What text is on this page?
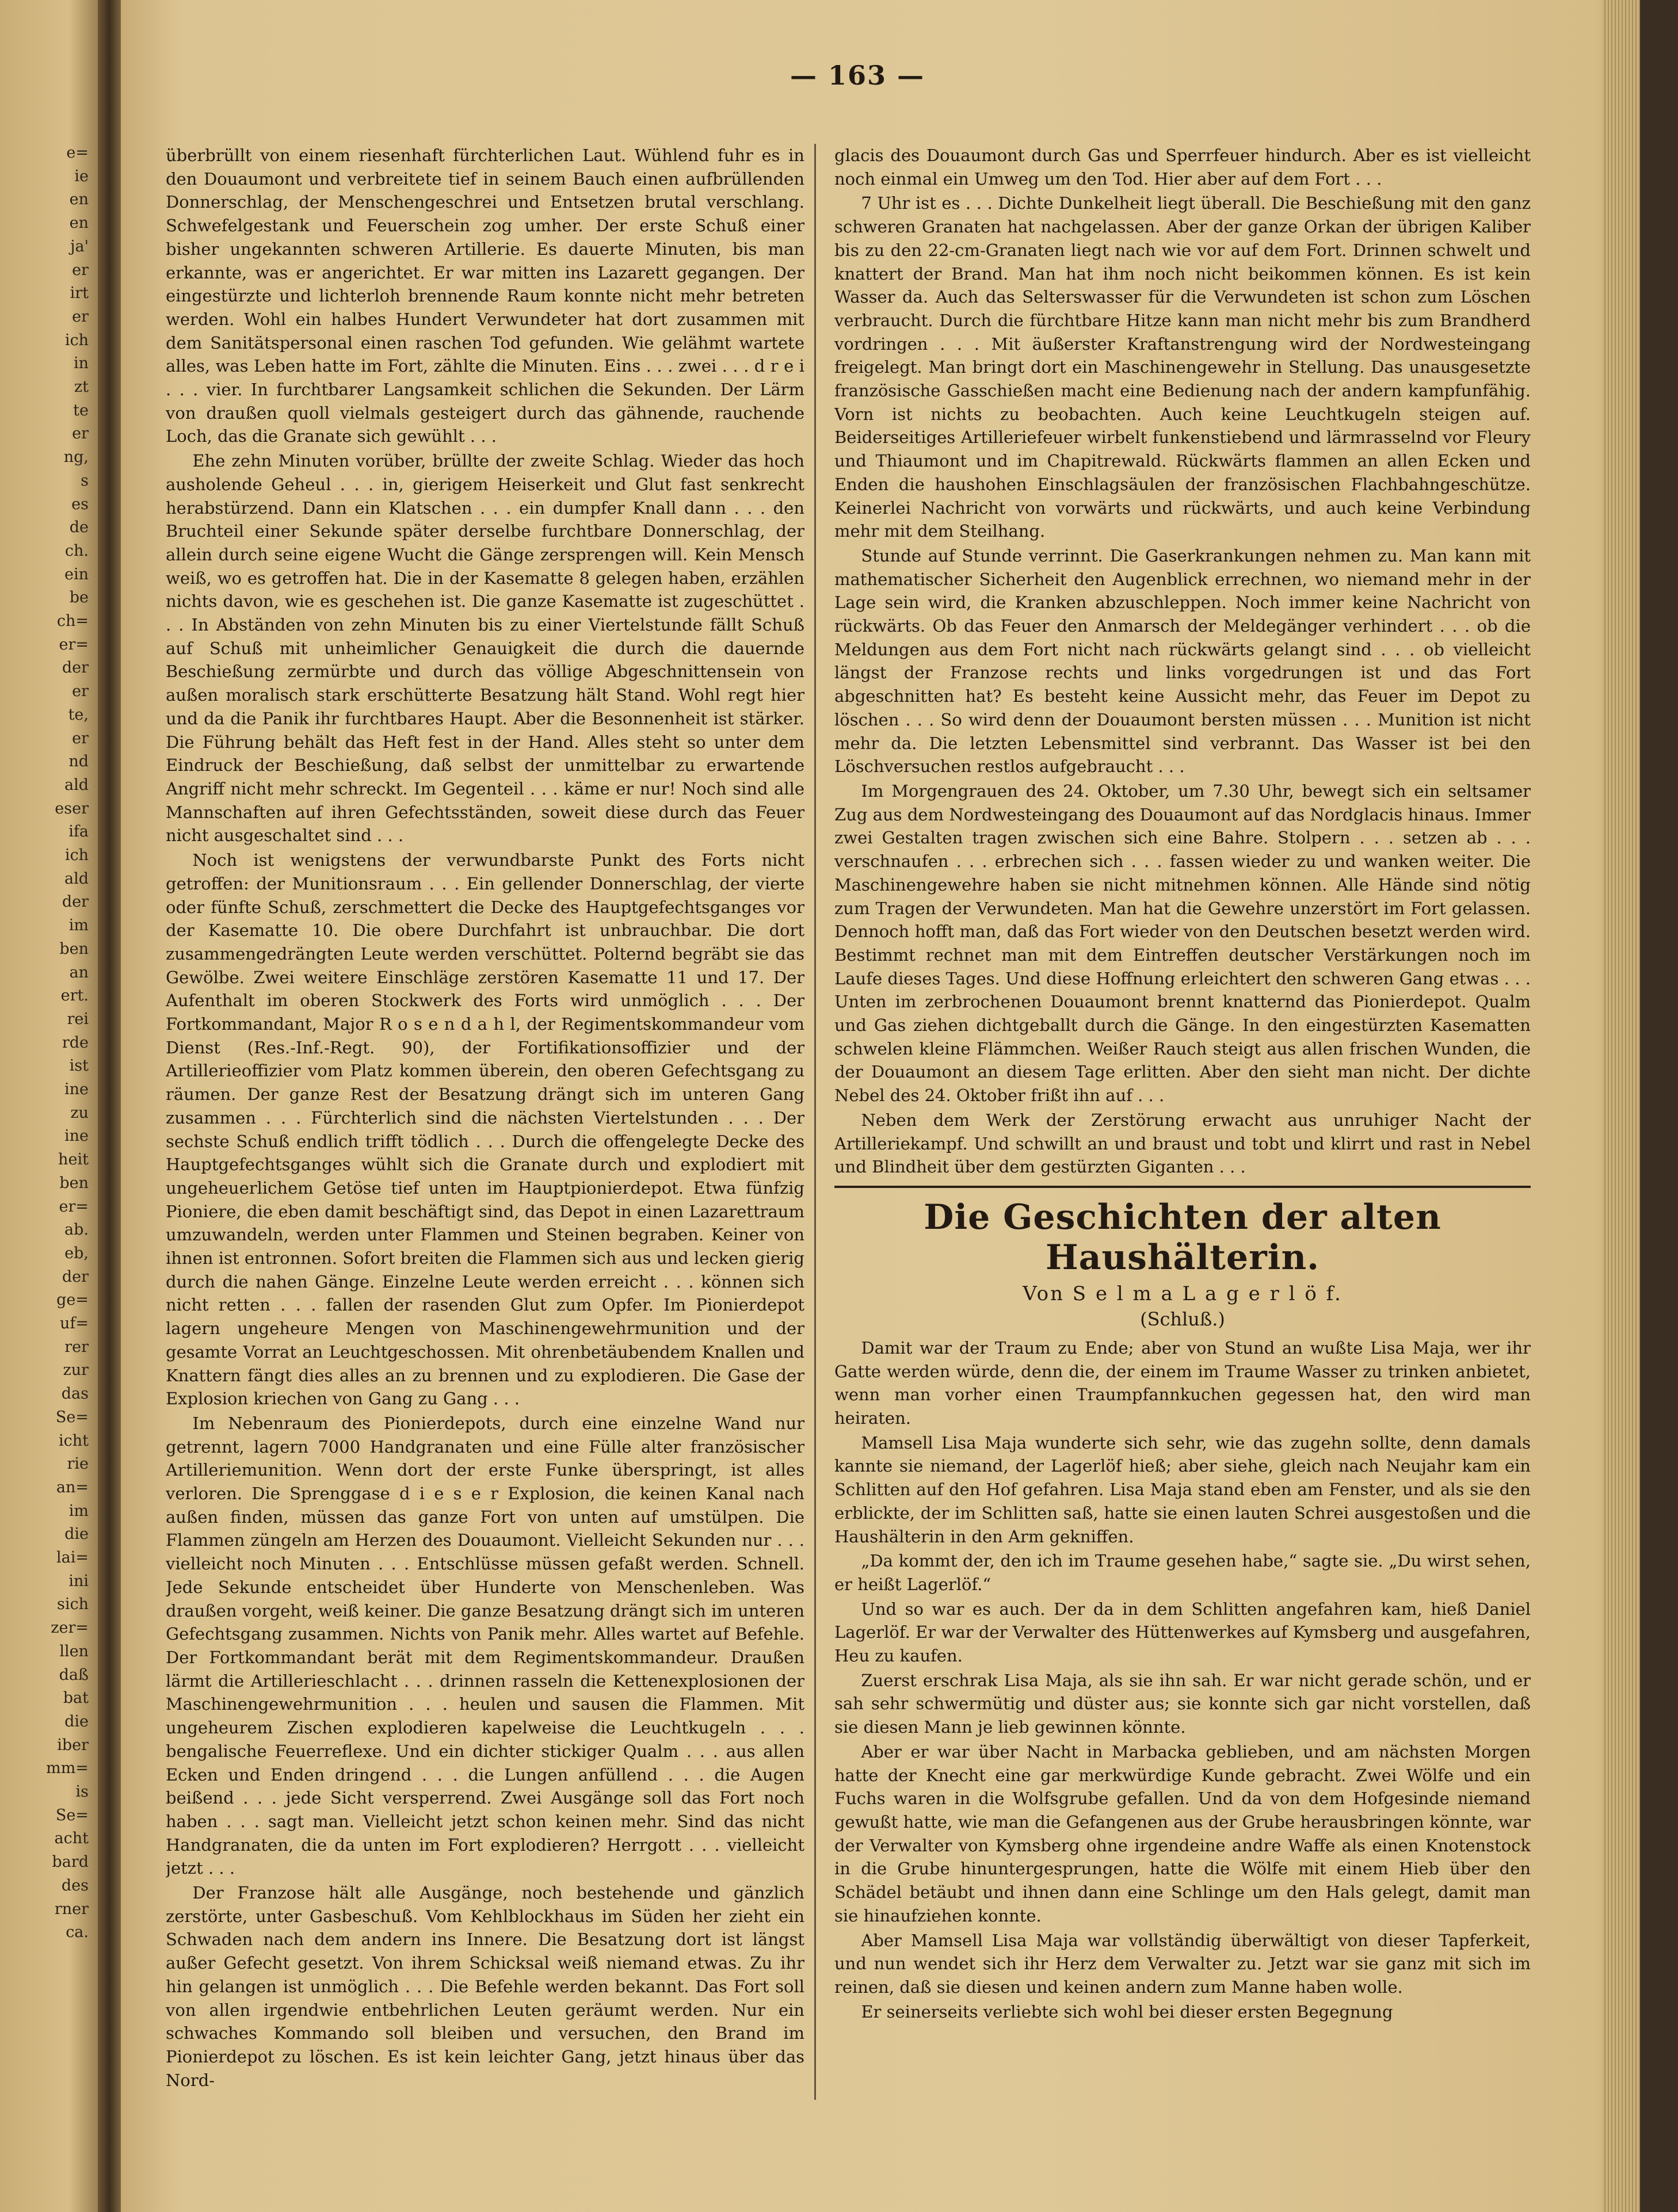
e=
ie
en
en
ja'
er
irt
er
ich
in
zt
te
er
ng,
s
es
de
ch.
ein
be
ch=
er=
der
er
te,
er
nd
ald
eser
ifa
ich
ald
der
im
ben
an
ert.
rei
rde
ist
ine
zu
ine
heit
ben
er=
ab.
eb,
der
ge=
uf=
rer
zur
das
Se=
icht
rie
an=
im
die
lai=
ini
sich
zer=
llen
daß
bat
die
iber
mm=
is
Se=
acht
bard
des
rner
ca.
— 163 —

überbrüllt von einem riesenhaft fürchterlichen Laut. Wühlend fuhr es in den Douaumont und verbreitete tief in seinem Bauch einen aufbrüllenden Donnerschlag, der Menschengeschrei und Entsetzen brutal verschlang. Schwefelgestank und Feuerschein zog umher. Der erste Schuß einer bisher ungekannten schweren Artillerie. Es dauerte Minuten, bis man erkannte, was er angerichtet. Er war mitten ins Lazarett gegangen. Der eingestürzte und lichterloh brennende Raum konnte nicht mehr betreten werden. Wohl ein halbes Hundert Verwundeter hat dort zusammen mit dem Sanitätspersonal einen raschen Tod gefunden. Wie gelähmt wartete alles, was Leben hatte im Fort, zählte die Minuten. Eins . . . zwei . . . d r e i . . . vier. In furchtbarer Langsamkeit schlichen die Sekunden. Der Lärm von draußen quoll vielmals gesteigert durch das gähnende, rauchende Loch, das die Granate sich gewühlt . . .

Ehe zehn Minuten vorüber, brüllte der zweite Schlag. Wieder das hoch ausholende Geheul . . . in, gierigem Heiserkeit und Glut fast senkrecht herabstürzend. Dann ein Klatschen . . . ein dumpfer Knall dann . . . den Bruchteil einer Sekunde später derselbe furchtbare Donnerschlag, der allein durch seine eigene Wucht die Gänge zersprengen will. Kein Mensch weiß, wo es getroffen hat. Die in der Kasematte 8 gelegen haben, erzählen nichts davon, wie es geschehen ist. Die ganze Kasematte ist zugeschüttet . . . In Abständen von zehn Minuten bis zu einer Viertelstunde fällt Schuß auf Schuß mit unheimlicher Genauigkeit die durch die dauernde Beschießung zermürbte und durch das völlige Abgeschnittensein von außen moralisch stark erschütterte Besatzung hält Stand. Wohl regt hier und da die Panik ihr furchtbares Haupt. Aber die Besonnenheit ist stärker. Die Führung behält das Heft fest in der Hand. Alles steht so unter dem Eindruck der Beschießung, daß selbst der unmittelbar zu erwartende Angriff nicht mehr schreckt. Im Gegenteil . . . käme er nur! Noch sind alle Mannschaften auf ihren Gefechtsständen, soweit diese durch das Feuer nicht ausgeschaltet sind . . .

Noch ist wenigstens der verwundbarste Punkt des Forts nicht getroffen: der Munitionsraum . . . Ein gellender Donnerschlag, der vierte oder fünfte Schuß, zerschmettert die Decke des Hauptgefechtsganges vor der Kasematte 10. Die obere Durchfahrt ist unbrauchbar. Die dort zusammengedrängten Leute werden verschüttet. Polternd begräbt sie das Gewölbe. Zwei weitere Einschläge zerstören Kasematte 11 und 17. Der Aufenthalt im oberen Stockwerk des Forts wird unmöglich . . . Der Fortkommandant, Major R o s e n d a h l, der Regimentskommandeur vom Dienst (Res.-Inf.-Regt. 90), der Fortifikationsoffizier und der Artillerieoffizier vom Platz kommen überein, den oberen Gefechtsgang zu räumen. Der ganze Rest der Besatzung drängt sich im unteren Gang zusammen . . . Fürchterlich sind die nächsten Viertelstunden . . . Der sechste Schuß endlich trifft tödlich . . . Durch die offengelegte Decke des Hauptgefechtsganges wühlt sich die Granate durch und explodiert mit ungeheuerlichem Getöse tief unten im Hauptpionierdepot. Etwa fünfzig Pioniere, die eben damit beschäftigt sind, das Depot in einen Lazarettraum umzuwandeln, werden unter Flammen und Steinen begraben. Keiner von ihnen ist entronnen. Sofort breiten die Flammen sich aus und lecken gierig durch die nahen Gänge. Einzelne Leute werden erreicht . . . können sich nicht retten . . . fallen der rasenden Glut zum Opfer. Im Pionierdepot lagern ungeheure Mengen von Maschinengewehrmunition und der gesamte Vorrat an Leuchtgeschossen. Mit ohrenbetäubendem Knallen und Knattern fängt dies alles an zu brennen und zu explodieren. Die Gase der Explosion kriechen von Gang zu Gang . . .

Im Nebenraum des Pionierdepots, durch eine einzelne Wand nur getrennt, lagern 7000 Handgranaten und eine Fülle alter französischer Artilleriemunition. Wenn dort der erste Funke überspringt, ist alles verloren. Die Sprenggase d i e s e r Explosion, die keinen Kanal nach außen finden, müssen das ganze Fort von unten auf umstülpen. Die Flammen züngeln am Herzen des Douaumont. Vielleicht Sekunden nur . . . vielleicht noch Minuten . . . Entschlüsse müssen gefaßt werden. Schnell. Jede Sekunde entscheidet über Hunderte von Menschenleben. Was draußen vorgeht, weiß keiner. Die ganze Besatzung drängt sich im unteren Gefechtsgang zusammen. Nichts von Panik mehr. Alles wartet auf Befehle. Der Fortkommandant berät mit dem Regimentskommandeur. Draußen lärmt die Artillerieschlacht . . . drinnen rasseln die Kettenexplosionen der Maschinengewehrmunition . . . heulen und sausen die Flammen. Mit ungeheurem Zischen explodieren kapelweise die Leuchtkugeln . . . bengalische Feuerreflexe. Und ein dichter stickiger Qualm . . . aus allen Ecken und Enden dringend . . . die Lungen anfüllend . . . die Augen beißend . . . jede Sicht versperrend. Zwei Ausgänge soll das Fort noch haben . . . sagt man. Vielleicht jetzt schon keinen mehr. Sind das nicht Handgranaten, die da unten im Fort explodieren? Herrgott . . . vielleicht jetzt . . .

Der Franzose hält alle Ausgänge, noch bestehende und gänzlich zerstörte, unter Gasbeschuß. Vom Kehlblockhaus im Süden her zieht ein Schwaden nach dem andern ins Innere. Die Besatzung dort ist längst außer Gefecht gesetzt. Von ihrem Schicksal weiß niemand etwas. Zu ihr hin gelangen ist unmöglich . . . Die Befehle werden bekannt. Das Fort soll von allen irgendwie entbehrlichen Leuten geräumt werden. Nur ein schwaches Kommando soll bleiben und versuchen, den Brand im Pionierdepot zu löschen. Es ist kein leichter Gang, jetzt hinaus über das Nord-

glacis des Douaumont durch Gas und Sperrfeuer hindurch. Aber es ist vielleicht noch einmal ein Umweg um den Tod. Hier aber auf dem Fort . . .

7 Uhr ist es . . . Dichte Dunkelheit liegt überall. Die Beschießung mit den ganz schweren Granaten hat nachgelassen. Aber der ganze Orkan der übrigen Kaliber bis zu den 22-cm-Granaten liegt nach wie vor auf dem Fort. Drinnen schwelt und knattert der Brand. Man hat ihm noch nicht beikommen können. Es ist kein Wasser da. Auch das Selterswasser für die Verwundeten ist schon zum Löschen verbraucht. Durch die fürchtbare Hitze kann man nicht mehr bis zum Brandherd vordringen . . . Mit äußerster Kraftanstrengung wird der Nordwesteingang freigelegt. Man bringt dort ein Maschinengewehr in Stellung. Das unausgesetzte französische Gasschießen macht eine Bedienung nach der andern kampfunfähig. Vorn ist nichts zu beobachten. Auch keine Leuchtkugeln steigen auf. Beiderseitiges Artilleriefeuer wirbelt funkenstiebend und lärmrasselnd vor Fleury und Thiaumont und im Chapitrewald. Rückwärts flammen an allen Ecken und Enden die haushohen Einschlagsäulen der französischen Flachbahngeschütze. Keinerlei Nachricht von vorwärts und rückwärts, und auch keine Verbindung mehr mit dem Steilhang.

Stunde auf Stunde verrinnt. Die Gaserkrankungen nehmen zu. Man kann mit mathematischer Sicherheit den Augenblick errechnen, wo niemand mehr in der Lage sein wird, die Kranken abzuschleppen. Noch immer keine Nachricht von rückwärts. Ob das Feuer den Anmarsch der Meldegänger verhindert . . . ob die Meldungen aus dem Fort nicht nach rückwärts gelangt sind . . . ob vielleicht längst der Franzose rechts und links vorgedrungen ist und das Fort abgeschnitten hat? Es besteht keine Aussicht mehr, das Feuer im Depot zu löschen . . . So wird denn der Douaumont bersten müssen . . . Munition ist nicht mehr da. Die letzten Lebensmittel sind verbrannt. Das Wasser ist bei den Löschversuchen restlos aufgebraucht . . .

Im Morgengrauen des 24. Oktober, um 7.30 Uhr, bewegt sich ein seltsamer Zug aus dem Nordwesteingang des Douaumont auf das Nordglacis hinaus. Immer zwei Gestalten tragen zwischen sich eine Bahre. Stolpern . . . setzen ab . . . verschnaufen . . . erbrechen sich . . . fassen wieder zu und wanken weiter. Die Maschinengewehre haben sie nicht mitnehmen können. Alle Hände sind nötig zum Tragen der Verwundeten. Man hat die Gewehre unzerstört im Fort gelassen. Dennoch hofft man, daß das Fort wieder von den Deutschen besetzt werden wird. Bestimmt rechnet man mit dem Eintreffen deutscher Verstärkungen noch im Laufe dieses Tages. Und diese Hoffnung erleichtert den schweren Gang etwas . . . Unten im zerbrochenen Douaumont brennt knatternd das Pionierdepot. Qualm und Gas ziehen dichtgeballt durch die Gänge. In den eingestürzten Kasematten schwelen kleine Flämmchen. Weißer Rauch steigt aus allen frischen Wunden, die der Douaumont an diesem Tage erlitten. Aber den sieht man nicht. Der dichte Nebel des 24. Oktober frißt ihn auf . . .

Neben dem Werk der Zerstörung erwacht aus unruhiger Nacht der Artilleriekampf. Und schwillt an und braust und tobt und klirrt und rast in Nebel und Blindheit über dem gestürzten Giganten . . .

Die Geschichten der alten Haushälterin.
Von S e l m a L a g e r l ö f.
(Schluß.)

Damit war der Traum zu Ende; aber von Stund an wußte Lisa Maja, wer ihr Gatte werden würde, denn die, der einem im Traume Wasser zu trinken anbietet, wenn man vorher einen Traumpfannkuchen gegessen hat, den wird man heiraten.

Mamsell Lisa Maja wunderte sich sehr, wie das zugehn sollte, denn damals kannte sie niemand, der Lagerlöf hieß; aber siehe, gleich nach Neujahr kam ein Schlitten auf den Hof gefahren. Lisa Maja stand eben am Fenster, und als sie den erblickte, der im Schlitten saß, hatte sie einen lauten Schrei ausgestoßen und die Haushälterin in den Arm gekniffen.

„Da kommt der, den ich im Traume gesehen habe,“ sagte sie. „Du wirst sehen, er heißt Lagerlöf.“

Und so war es auch. Der da in dem Schlitten angefahren kam, hieß Daniel Lagerlöf. Er war der Verwalter des Hüttenwerkes auf Kymsberg und ausgefahren, Heu zu kaufen.

Zuerst erschrak Lisa Maja, als sie ihn sah. Er war nicht gerade schön, und er sah sehr schwermütig und düster aus; sie konnte sich gar nicht vorstellen, daß sie diesen Mann je lieb gewinnen könnte.

Aber er war über Nacht in Marbacka geblieben, und am nächsten Morgen hatte der Knecht eine gar merkwürdige Kunde gebracht. Zwei Wölfe und ein Fuchs waren in die Wolfsgrube gefallen. Und da von dem Hofgesinde niemand gewußt hatte, wie man die Gefangenen aus der Grube herausbringen könnte, war der Verwalter von Kymsberg ohne irgendeine andre Waffe als einen Knotenstock in die Grube hinuntergesprungen, hatte die Wölfe mit einem Hieb über den Schädel betäubt und ihnen dann eine Schlinge um den Hals gelegt, damit man sie hinaufziehen konnte.

Aber Mamsell Lisa Maja war vollständig überwältigt von dieser Tapferkeit, und nun wendet sich ihr Herz dem Verwalter zu. Jetzt war sie ganz mit sich im reinen, daß sie diesen und keinen andern zum Manne haben wolle.

Er seinerseits verliebte sich wohl bei dieser ersten Begegnung
